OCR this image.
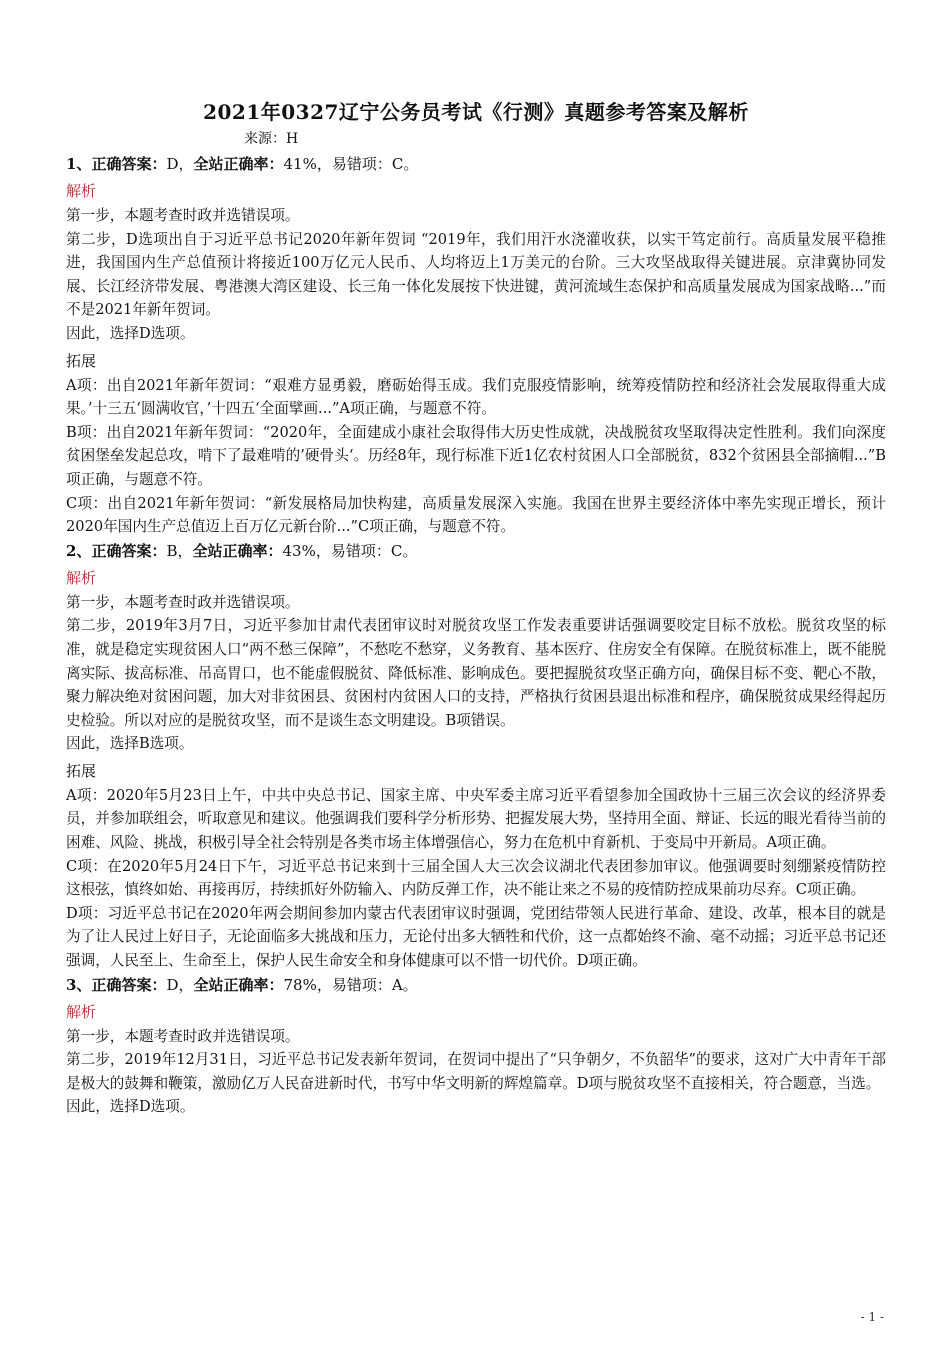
2021年0327辽宁公务员考试《行测》真题参考答案及解析
来源：H
1、正确答案：D，全站正确率：41%，易错项：C。
解析

第一步，本题考查时政并选错误项。

第二步，D选项出自于习近平总书记2020年新年贺词 “2019年，我们用汗水浇灌收获，以实干笃定前行。高质量发展平稳推进，我国国内生产总值预计将接近100万亿元人民币、人均将迈上1万美元的台阶。三大攻坚战取得关键进展。京津冀协同发展、长江经济带发展、粤港澳大湾区建设、长三角一体化发展按下快进键，黄河流域生态保护和高质量发展成为国家战略...”而不是2021年新年贺词。

因此，选择D选项。

拓展

A项：出自2021年新年贺词：“艰难方显勇毅，磨砺始得玉成。我们克服疫情影响，统筹疫情防控和经济社会发展取得重大成果。’十三五‘圆满收官，’十四五‘全面擘画...”A项正确，与题意不符。

B项：出自2021年新年贺词：“2020年，全面建成小康社会取得伟大历史性成就，决战脱贫攻坚取得决定性胜利。我们向深度贫困堡垒发起总攻，啃下了最难啃的’硬骨头‘。历经8年，现行标准下近1亿农村贫困人口全部脱贫，832个贫困县全部摘帽...”B项正确，与题意不符。

C项：出自2021年新年贺词：“新发展格局加快构建，高质量发展深入实施。我国在世界主要经济体中率先实现正增长，预计2020年国内生产总值迈上百万亿元新台阶...”C项正确，与题意不符。

2、正确答案：B，全站正确率：43%，易错项：C。
解析

第一步，本题考查时政并选错误项。

第二步，2019年3月7日，习近平参加甘肃代表团审议时对脱贫攻坚工作发表重要讲话强调要咬定目标不放松。脱贫攻坚的标准，就是稳定实现贫困人口“两不愁三保障”，不愁吃不愁穿，义务教育、基本医疗、住房安全有保障。在脱贫标准上，既不能脱离实际、拔高标准、吊高胃口，也不能虚假脱贫、降低标准、影响成色。要把握脱贫攻坚正确方向，确保目标不变、靶心不散，聚力解决绝对贫困问题，加大对非贫困县、贫困村内贫困人口的支持，严格执行贫困县退出标准和程序，确保脱贫成果经得起历史检验。所以对应的是脱贫攻坚，而不是谈生态文明建设。B项错误。

因此，选择B选项。

拓展

A项：2020年5月23日上午，中共中央总书记、国家主席、中央军委主席习近平看望参加全国政协十三届三次会议的经济界委员，并参加联组会，听取意见和建议。他强调我们要科学分析形势、把握发展大势，坚持用全面、辩证、长远的眼光看待当前的困难、风险、挑战，积极引导全社会特别是各类市场主体增强信心，努力在危机中育新机、于变局中开新局。A项正确。

C项：在2020年5月24日下午，习近平总书记来到十三届全国人大三次会议湖北代表团参加审议。他强调要时刻绷紧疫情防控这根弦，慎终如始、再接再厉，持续抓好外防输入、内防反弹工作，决不能让来之不易的疫情防控成果前功尽弃。C项正确。

D项：习近平总书记在2020年两会期间参加内蒙古代表团审议时强调，党团结带领人民进行革命、建设、改革，根本目的就是为了让人民过上好日子，无论面临多大挑战和压力，无论付出多大牺牲和代价，这一点都始终不渝、毫不动摇；习近平总书记还强调，人民至上、生命至上，保护人民生命安全和身体健康可以不惜一切代价。D项正确。

3、正确答案：D，全站正确率：78%，易错项：A。
解析

第一步，本题考查时政并选错误项。

第二步，2019年12月31日，习近平总书记发表新年贺词，在贺词中提出了“只争朝夕，不负韶华”的要求，这对广大中青年干部是极大的鼓舞和鞭策，激励亿万人民奋进新时代，书写中华文明新的辉煌篇章。D项与脱贫攻坚不直接相关，符合题意，当选。

因此，选择D选项。

- 1 -
